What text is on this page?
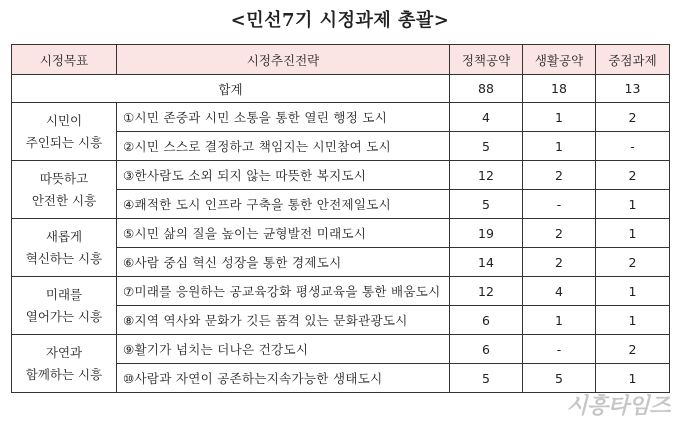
<민선7기 시정과제 총괄>
시정목표	시정추진전략	정책공약	생활공약	중점과제
합계		88	18	13
시민이
주인되는 시흥	①시민 존중과 시민 소통을 통한 열린 행정 도시	4	1	2
	②시민 스스로 결정하고 책임지는 시민참여 도시	5	1	-
따뜻하고
안전한 시흥	③한사람도 소외 되지 않는 따뜻한 복지도시	12	2	2
	④쾌적한 도시 인프라 구축을 통한 안전제일도시	5	-	1
새롭게
혁신하는 시흥	⑤시민 삶의 질을 높이는 균형발전 미래도시	19	2	1
	⑥사람 중심 혁신 성장을 통한 경제도시	14	2	2
미래를
열어가는 시흥	⑦미래를 응원하는 공교육강화 평생교육을 통한 배움도시	12	4	1
	⑧지역 역사와 문화가 깃든 품격 있는 문화관광도시	6	1	1
자연과
함께하는 시흥	⑨활기가 넘치는 더나은 건강도시	6	-	2
	⑩사람과 자연이 공존하는지속가능한 생태도시	5	5	1
시흥타임즈
